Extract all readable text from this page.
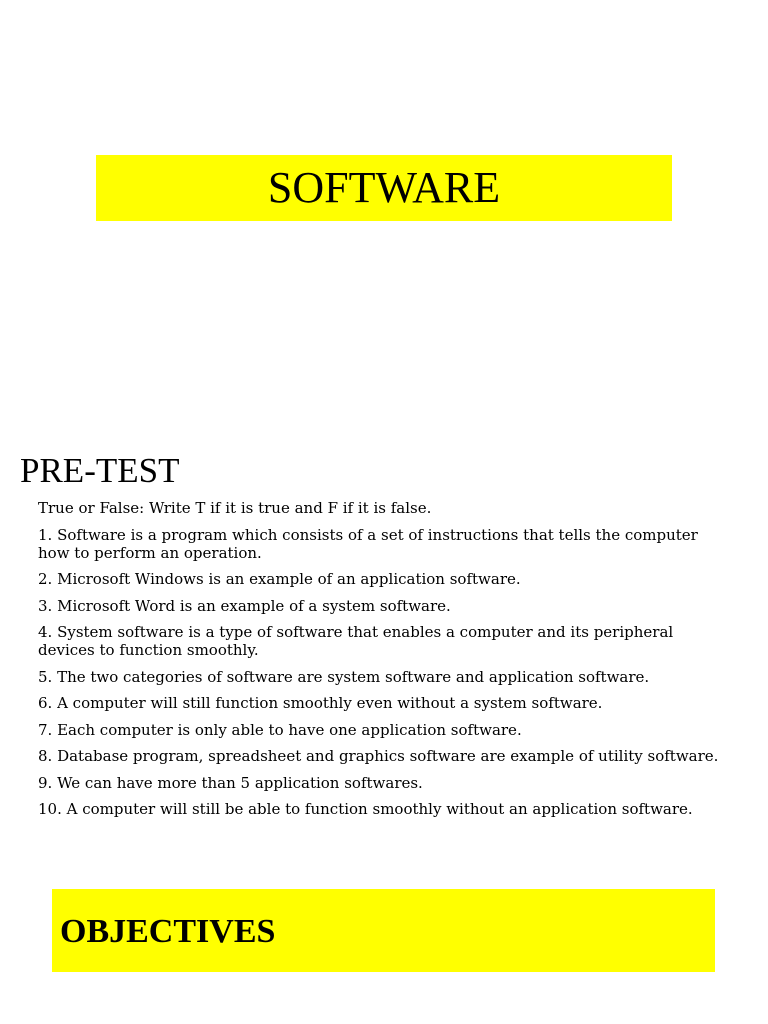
SOFTWARE
PRE-TEST
True or False: Write T if it is true and F if it is false.
1. Software is a program which consists of a set of instructions that tells the computer how to perform an operation.
2. Microsoft Windows is an example of an application software.
3. Microsoft Word is an example of a system software.
4. System software is a type of software that enables a computer and its peripheral devices to function smoothly.
5. The two categories of software are system software and application software.
6. A computer will still function smoothly even without a system software.
7. Each computer is only able to have one application software.
8. Database program, spreadsheet and graphics software are example of utility software.
9. We can have more than 5 application softwares.
10. A computer will still be able to function smoothly without an application software.
OBJECTIVES
